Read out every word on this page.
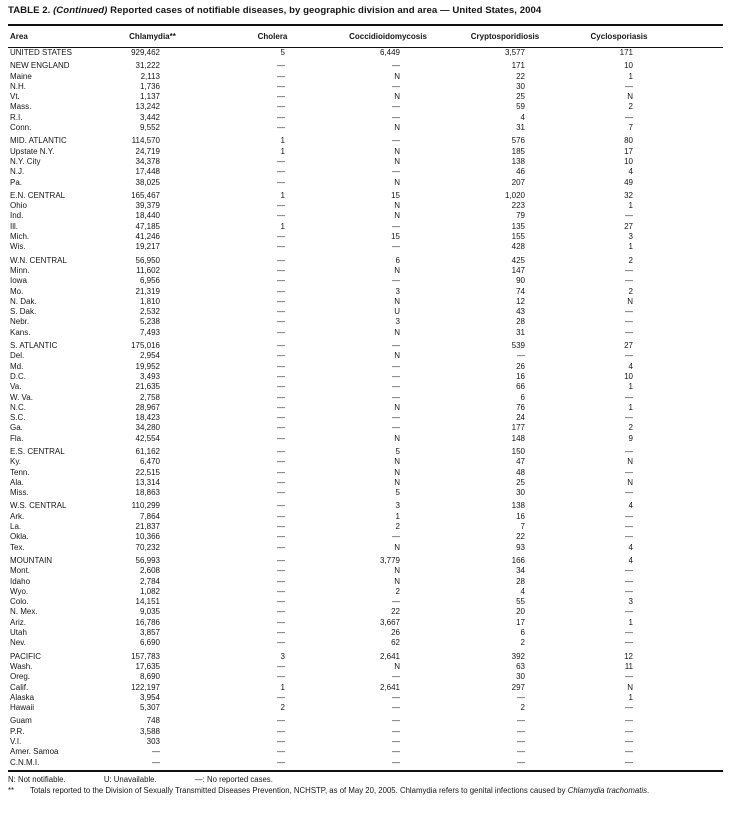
TABLE 2. (Continued) Reported cases of notifiable diseases, by geographic division and area — United States, 2004
Area	Chlamydia**	Cholera	Coccidioidomycosis	Cryptosporidiosis	Cyclosporiasis	
UNITED STATES	929,462	5	6,449	3,577	171	

NEW ENGLAND	31,222	—	—	171	10	
Maine	2,113	—	N	22	1	
N.H.	1,736	—	—	30	—	
Vt.	1,137	—	N	25	N	
Mass.	13,242	—	—	59	2	
R.I.	3,442	—	—	4	—	
Conn.	9,552	—	N	31	7	

MID. ATLANTIC	114,570	1	—	576	80	
Upstate N.Y.	24,719	1	N	185	17	
N.Y. City	34,378	—	N	138	10	
N.J.	17,448	—	—	46	4	
Pa.	38,025	—	N	207	49	

E.N. CENTRAL	165,467	1	15	1,020	32	
Ohio	39,379	—	N	223	1	
Ind.	18,440	—	N	79	—	
Ill.	47,185	1	—	135	27	
Mich.	41,246	—	15	155	3	
Wis.	19,217	—	—	428	1	

W.N. CENTRAL	56,950	—	6	425	2	
Minn.	11,602	—	N	147	—	
Iowa	6,956	—	—	90	—	
Mo.	21,319	—	3	74	2	
N. Dak.	1,810	—	N	12	N	
S. Dak.	2,532	—	U	43	—	
Nebr.	5,238	—	3	28	—	
Kans.	7,493	—	N	31	—	

S. ATLANTIC	175,016	—	—	539	27	
Del.	2,954	—	N	—	—	
Md.	19,952	—	—	26	4	
D.C.	3,493	—	—	16	10	
Va.	21,635	—	—	66	1	
W. Va.	2,758	—	—	6	—	
N.C.	28,967	—	N	76	1	
S.C.	18,423	—	—	24	—	
Ga.	34,280	—	—	177	2	
Fla.	42,554	—	N	148	9	

E.S. CENTRAL	61,162	—	5	150	—	
Ky.	6,470	—	N	47	N	
Tenn.	22,515	—	N	48	—	
Ala.	13,314	—	N	25	N	
Miss.	18,863	—	5	30	—	

W.S. CENTRAL	110,299	—	3	138	4	
Ark.	7,864	—	1	16	—	
La.	21,837	—	2	7	—	
Okla.	10,366	—	—	22	—	
Tex.	70,232	—	N	93	4	

MOUNTAIN	56,993	—	3,779	166	4	
Mont.	2,608	—	N	34	—	
Idaho	2,784	—	N	28	—	
Wyo.	1,082	—	2	4	—	
Colo.	14,151	—	—	55	3	
N. Mex.	9,035	—	22	20	—	
Ariz.	16,786	—	3,667	17	1	
Utah	3,857	—	26	6	—	
Nev.	6,690	—	62	2	—	

PACIFIC	157,783	3	2,641	392	12	
Wash.	17,635	—	N	63	11	
Oreg.	8,690	—	—	30	—	
Calif.	122,197	1	2,641	297	N	
Alaska	3,954	—	—	—	1	
Hawaii	5,307	2	—	2	—	

Guam	748	—	—	—	—	
P.R.	3,588	—	—	—	—	
V.I.	303	—	—	—	—	
Amer. Samoa	—	—	—	—	—	
C.N.M.I.	—	—	—	—	—	
N: Not notifiable.	U: Unavailable.	—: No reported cases.
**	Totals reported to the Division of Sexually Transmitted Diseases Prevention, NCHSTP, as of May 20, 2005. Chlamydia refers to genital infections caused by Chlamydia trachomatis.
